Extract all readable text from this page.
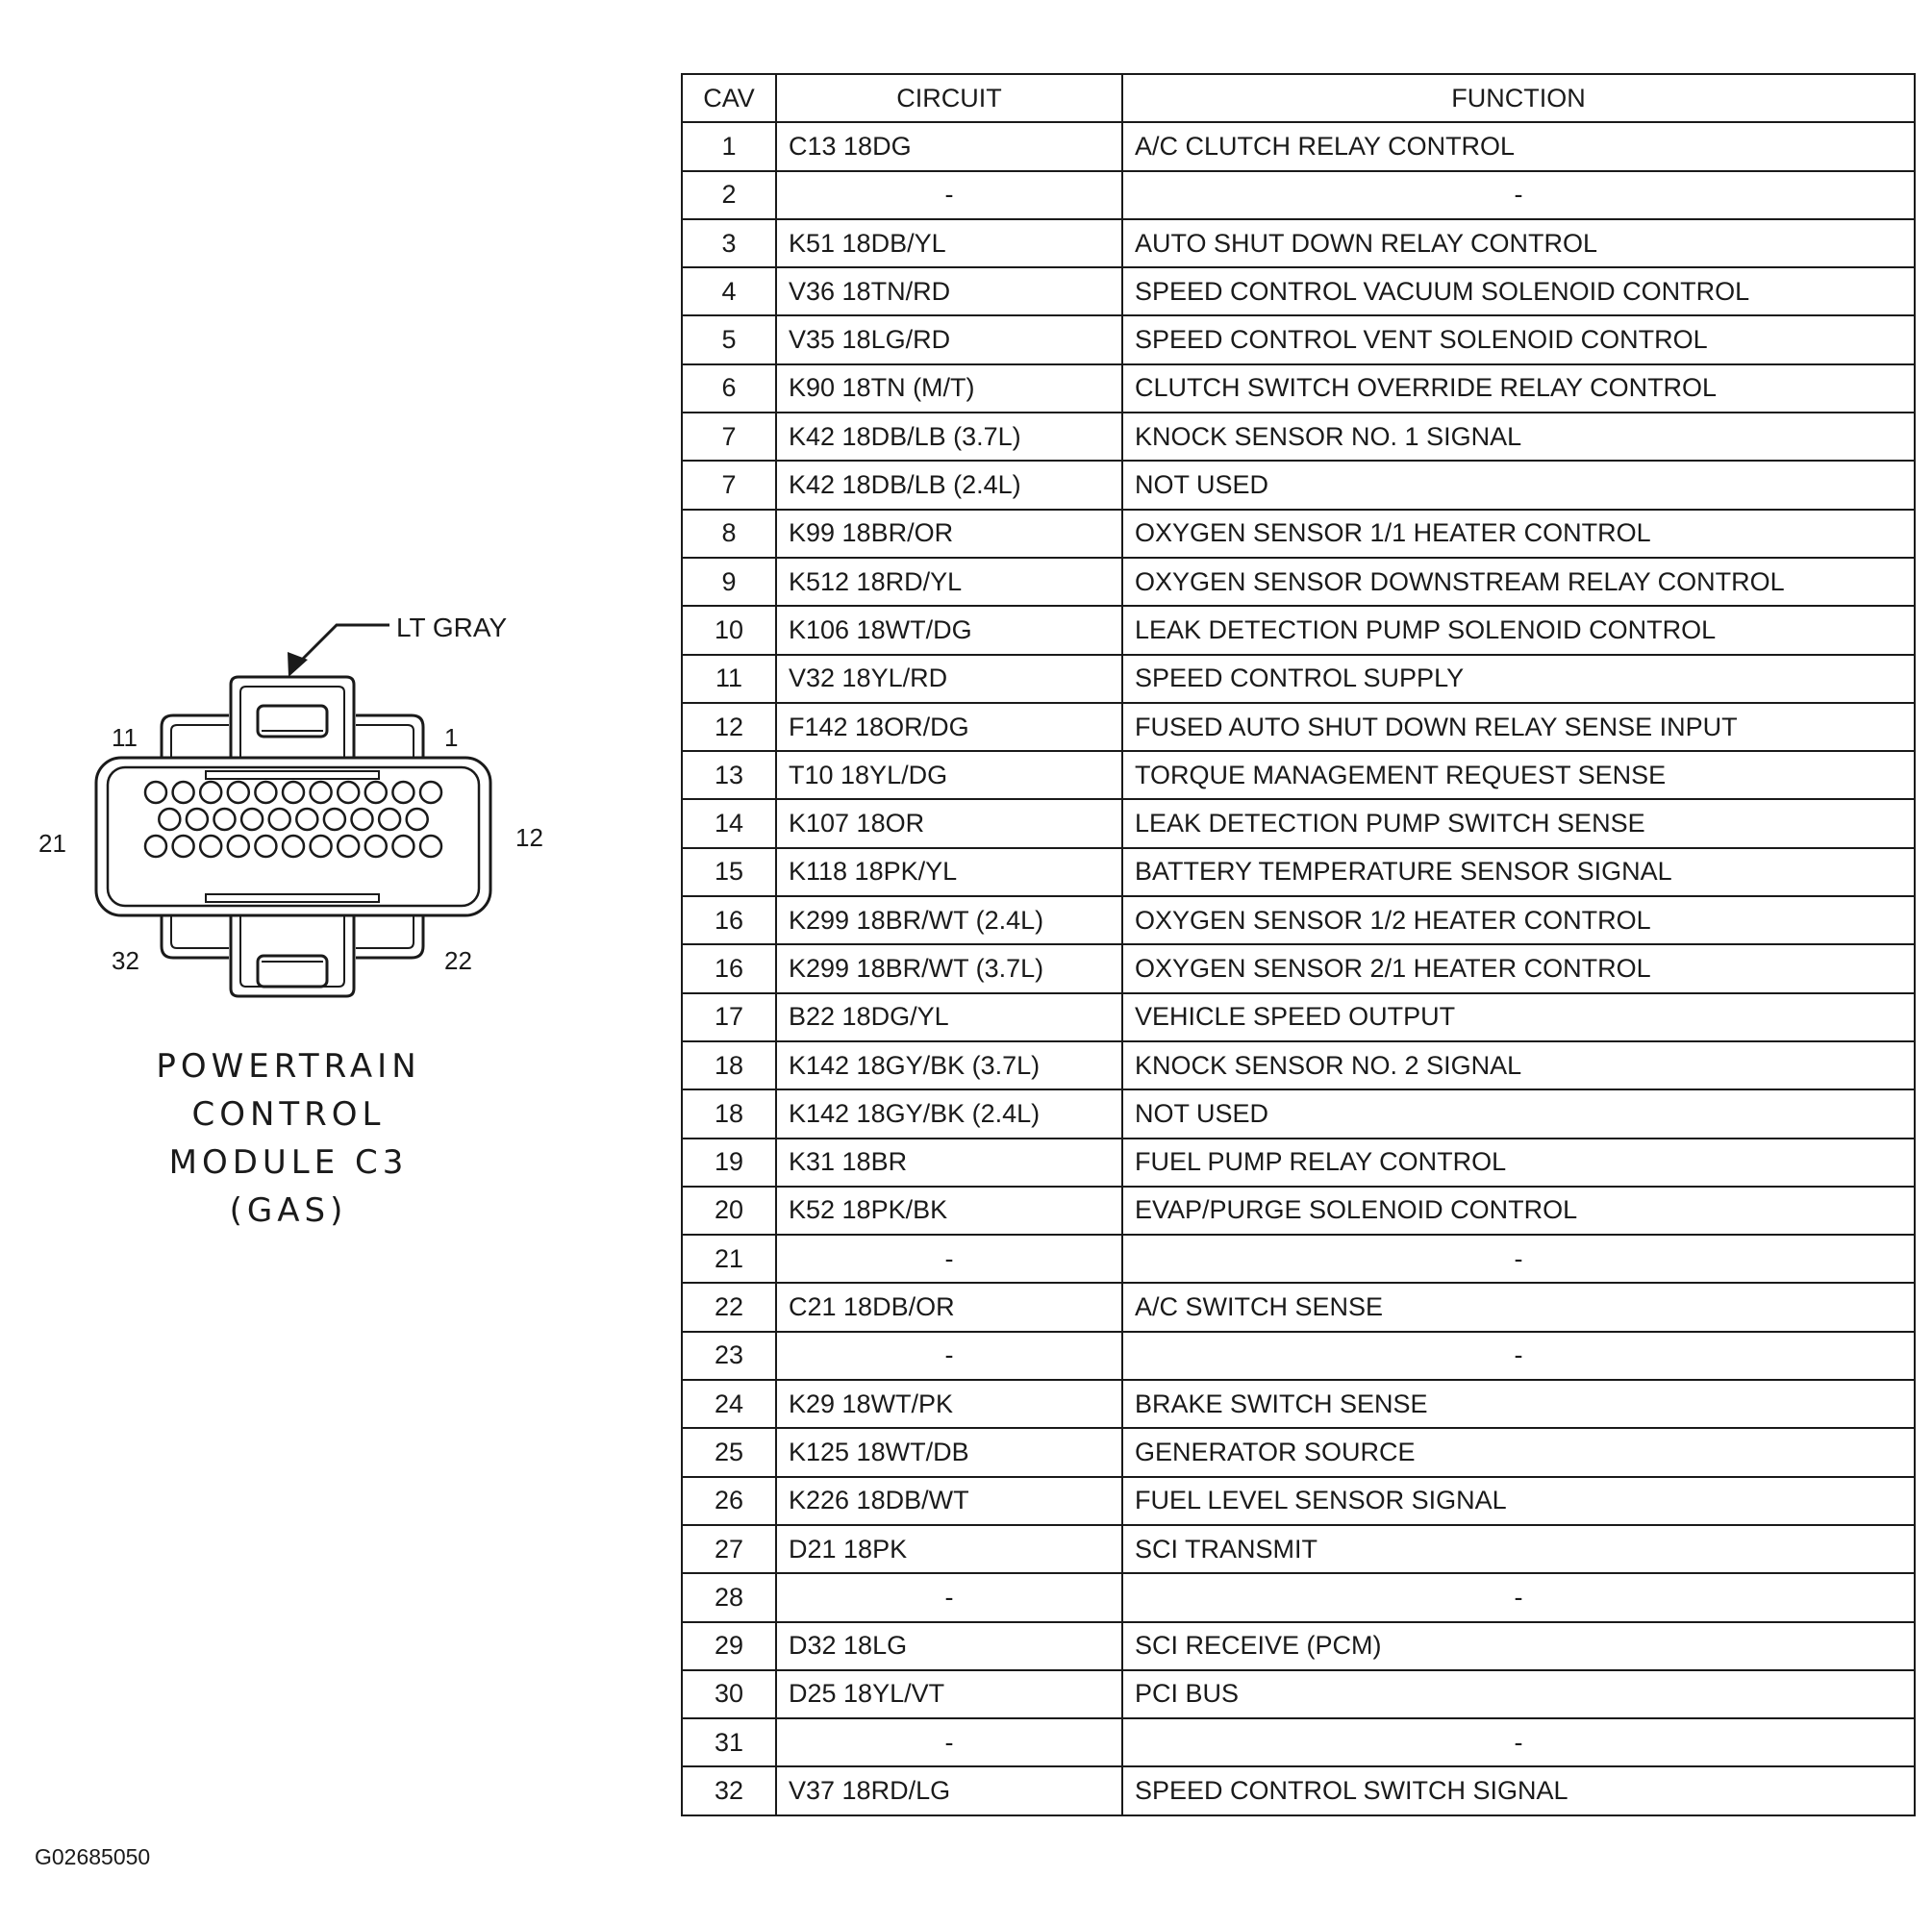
LT GRAY
11	1
21	12
32	22
POWERTRAIN
CONTROL
MODULE C3
(GAS)
G02685050
CAV	CIRCUIT	FUNCTION
1	C13 18DG	A/C CLUTCH RELAY CONTROL
2	-	-
3	K51 18DB/YL	AUTO SHUT DOWN RELAY CONTROL
4	V36 18TN/RD	SPEED CONTROL VACUUM SOLENOID CONTROL
5	V35 18LG/RD	SPEED CONTROL VENT SOLENOID CONTROL
6	K90 18TN (M/T)	CLUTCH SWITCH OVERRIDE RELAY CONTROL
7	K42 18DB/LB (3.7L)	KNOCK SENSOR NO. 1 SIGNAL
7	K42 18DB/LB (2.4L)	NOT USED
8	K99 18BR/OR	OXYGEN SENSOR 1/1 HEATER CONTROL
9	K512 18RD/YL	OXYGEN SENSOR DOWNSTREAM RELAY CONTROL
10	K106 18WT/DG	LEAK DETECTION PUMP SOLENOID CONTROL
11	V32 18YL/RD	SPEED CONTROL SUPPLY
12	F142 18OR/DG	FUSED AUTO SHUT DOWN RELAY SENSE INPUT
13	T10 18YL/DG	TORQUE MANAGEMENT REQUEST SENSE
14	K107 18OR	LEAK DETECTION PUMP SWITCH SENSE
15	K118 18PK/YL	BATTERY TEMPERATURE SENSOR SIGNAL
16	K299 18BR/WT (2.4L)	OXYGEN SENSOR 1/2 HEATER CONTROL
16	K299 18BR/WT (3.7L)	OXYGEN SENSOR 2/1 HEATER CONTROL
17	B22 18DG/YL	VEHICLE SPEED OUTPUT
18	K142 18GY/BK (3.7L)	KNOCK SENSOR NO. 2 SIGNAL
18	K142 18GY/BK (2.4L)	NOT USED
19	K31 18BR	FUEL PUMP RELAY CONTROL
20	K52 18PK/BK	EVAP/PURGE SOLENOID CONTROL
21	-	-
22	C21 18DB/OR	A/C SWITCH SENSE
23	-	-
24	K29 18WT/PK	BRAKE SWITCH SENSE
25	K125 18WT/DB	GENERATOR SOURCE
26	K226 18DB/WT	FUEL LEVEL SENSOR SIGNAL
27	D21 18PK	SCI TRANSMIT
28	-	-
29	D32 18LG	SCI RECEIVE (PCM)
30	D25 18YL/VT	PCI BUS
31	-	-
32	V37 18RD/LG	SPEED CONTROL SWITCH SIGNAL
